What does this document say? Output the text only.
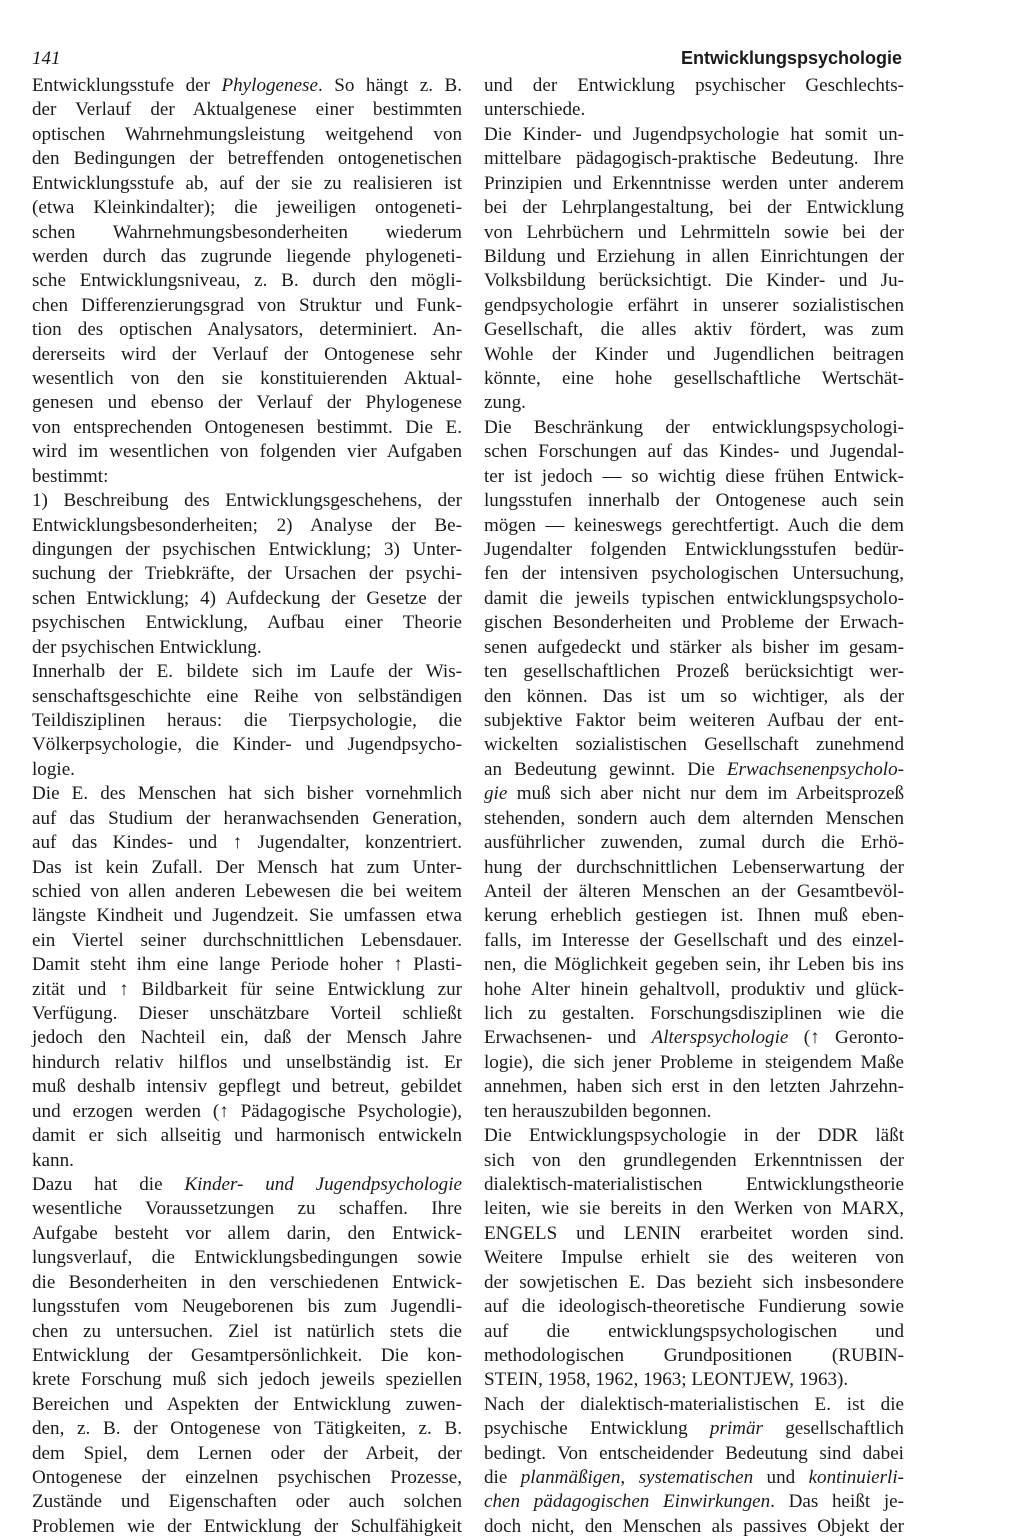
141	Entwicklungspsychologie
Entwicklungsstufe der Phylogenese. So hängt z. B.
der Verlauf der Aktualgenese einer bestimmten
optischen Wahrnehmungsleistung weitgehend von
den Bedingungen der betreffenden ontogenetischen
Entwicklungsstufe ab, auf der sie zu realisieren ist
(etwa Kleinkindalter); die jeweiligen ontogeneti-
schen Wahrnehmungsbesonderheiten wiederum
werden durch das zugrunde liegende phylogeneti-
sche Entwicklungsniveau, z. B. durch den mögli-
chen Differenzierungsgrad von Struktur und Funk-
tion des optischen Analysators, determiniert. An-
dererseits wird der Verlauf der Ontogenese sehr
wesentlich von den sie konstituierenden Aktual-
genesen und ebenso der Verlauf der Phylogenese
von entsprechenden Ontogenesen bestimmt. Die E.
wird im wesentlichen von folgenden vier Aufgaben
bestimmt:
1) Beschreibung des Entwicklungsgeschehens, der
Entwicklungsbesonderheiten; 2) Analyse der Be-
dingungen der psychischen Entwicklung; 3) Unter-
suchung der Triebkräfte, der Ursachen der psychi-
schen Entwicklung; 4) Aufdeckung der Gesetze der
psychischen Entwicklung, Aufbau einer Theorie
der psychischen Entwicklung.
Innerhalb der E. bildete sich im Laufe der Wis-
senschaftsgeschichte eine Reihe von selbständigen
Teildisziplinen heraus: die Tierpsychologie, die
Völkerpsychologie, die Kinder- und Jugendpsycho-
logie.
Die E. des Menschen hat sich bisher vornehmlich
auf das Studium der heranwachsenden Generation,
auf das Kindes- und ↑ Jugendalter, konzentriert.
Das ist kein Zufall. Der Mensch hat zum Unter-
schied von allen anderen Lebewesen die bei weitem
längste Kindheit und Jugendzeit. Sie umfassen etwa
ein Viertel seiner durchschnittlichen Lebensdauer.
Damit steht ihm eine lange Periode hoher ↑ Plasti-
zität und ↑ Bildbarkeit für seine Entwicklung zur
Verfügung. Dieser unschätzbare Vorteil schließt
jedoch den Nachteil ein, daß der Mensch Jahre
hindurch relativ hilflos und unselbständig ist. Er
muß deshalb intensiv gepflegt und betreut, gebildet
und erzogen werden (↑ Pädagogische Psychologie),
damit er sich allseitig und harmonisch entwickeln
kann.
Dazu hat die Kinder- und Jugendpsychologie
wesentliche Voraussetzungen zu schaffen. Ihre
Aufgabe besteht vor allem darin, den Entwick-
lungsverlauf, die Entwicklungsbedingungen sowie
die Besonderheiten in den verschiedenen Entwick-
lungsstufen vom Neugeborenen bis zum Jugendli-
chen zu untersuchen. Ziel ist natürlich stets die
Entwicklung der Gesamtpersönlichkeit. Die kon-
krete Forschung muß sich jedoch jeweils speziellen
Bereichen und Aspekten der Entwicklung zuwen-
den, z. B. der Ontogenese von Tätigkeiten, z. B.
dem Spiel, dem Lernen oder der Arbeit, der
Ontogenese der einzelnen psychischen Prozesse,
Zustände und Eigenschaften oder auch solchen
Problemen wie der Entwicklung der Schulfähigkeit
und der Entwicklung psychischer Geschlechts-
unterschiede.
Die Kinder- und Jugendpsychologie hat somit un-
mittelbare pädagogisch-praktische Bedeutung. Ihre
Prinzipien und Erkenntnisse werden unter anderem
bei der Lehrplangestaltung, bei der Entwicklung
von Lehrbüchern und Lehrmitteln sowie bei der
Bildung und Erziehung in allen Einrichtungen der
Volksbildung berücksichtigt. Die Kinder- und Ju-
gendpsychologie erfährt in unserer sozialistischen
Gesellschaft, die alles aktiv fördert, was zum
Wohle der Kinder und Jugendlichen beitragen
könnte, eine hohe gesellschaftliche Wertschät-
zung.
Die Beschränkung der entwicklungspsychologi-
schen Forschungen auf das Kindes- und Jugendal-
ter ist jedoch — so wichtig diese frühen Entwick-
lungsstufen innerhalb der Ontogenese auch sein
mögen — keineswegs gerechtfertigt. Auch die dem
Jugendalter folgenden Entwicklungsstufen bedür-
fen der intensiven psychologischen Untersuchung,
damit die jeweils typischen entwicklungspsycholo-
gischen Besonderheiten und Probleme der Erwach-
senen aufgedeckt und stärker als bisher im gesam-
ten gesellschaftlichen Prozeß berücksichtigt wer-
den können. Das ist um so wichtiger, als der
subjektive Faktor beim weiteren Aufbau der ent-
wickelten sozialistischen Gesellschaft zunehmend
an Bedeutung gewinnt. Die Erwachsenenpsycholo-
gie muß sich aber nicht nur dem im Arbeitsprozeß
stehenden, sondern auch dem alternden Menschen
ausführlicher zuwenden, zumal durch die Erhö-
hung der durchschnittlichen Lebenserwartung der
Anteil der älteren Menschen an der Gesamtbevöl-
kerung erheblich gestiegen ist. Ihnen muß eben-
falls, im Interesse der Gesellschaft und des einzel-
nen, die Möglichkeit gegeben sein, ihr Leben bis ins
hohe Alter hinein gehaltvoll, produktiv und glück-
lich zu gestalten. Forschungsdisziplinen wie die
Erwachsenen- und Alterspsychologie (↑ Geronto-
logie), die sich jener Probleme in steigendem Maße
annehmen, haben sich erst in den letzten Jahrzehn-
ten herauszubilden begonnen.
Die Entwicklungspsychologie in der DDR läßt
sich von den grundlegenden Erkenntnissen der
dialektisch-materialistischen Entwicklungstheorie
leiten, wie sie bereits in den Werken von MARX,
ENGELS und LENIN erarbeitet worden sind.
Weitere Impulse erhielt sie des weiteren von
der sowjetischen E. Das bezieht sich insbesondere
auf die ideologisch-theoretische Fundierung sowie
auf die entwicklungspsychologischen und
methodologischen Grundpositionen (RUBIN-
STEIN, 1958, 1962, 1963; LEONTJEW, 1963).
Nach der dialektisch-materialistischen E. ist die
psychische Entwicklung primär gesellschaftlich
bedingt. Von entscheidender Bedeutung sind dabei
die planmäßigen, systematischen und kontinuierli-
chen pädagogischen Einwirkungen. Das heißt je-
doch nicht, den Menschen als passives Objekt der
